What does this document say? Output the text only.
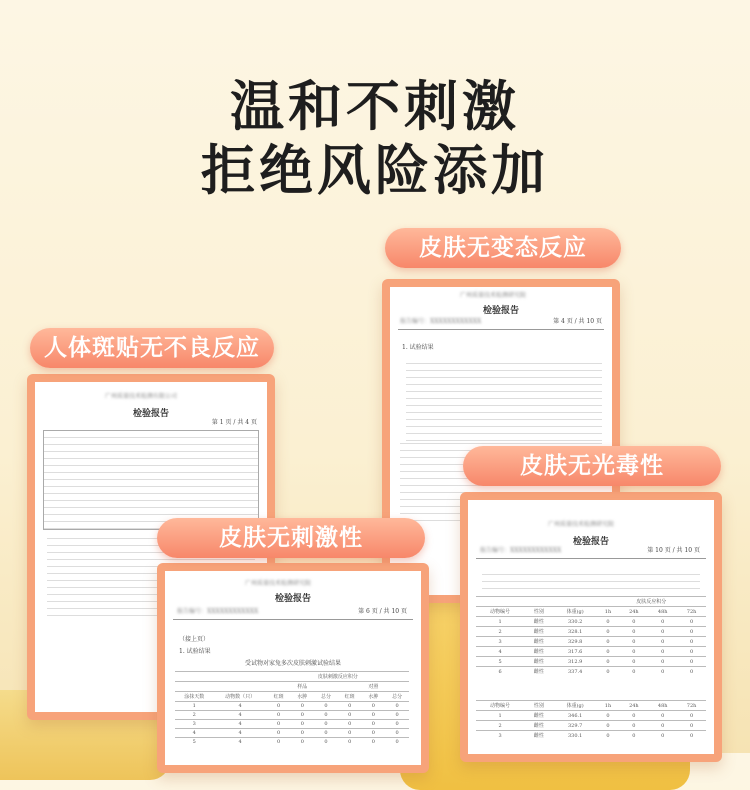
温和不刺激
拒绝风险添加
广州质量技术检测研究院
检验报告
第 4 页 / 共 10 页
报告编号：XXXXXXXXXXXX
1. 试验结果
皮肤无变态反应
广州质量技术检测有限公司
检验报告
第 1 页 / 共 4 页
人体斑贴无不良反应
广州质量技术检测研究院
检验报告
第 6 页 / 共 10 页
报告编号：XXXXXXXXXXXX
（接上页）
1. 试验结果
受试物对家兔多次皮肤刺激试验结果
		皮肤刺激反应积分					
		样品			对照		
涂抹天数	动物数（只）	红斑	水肿	总分	红斑	水肿	总分
1	4	0	0	0	0	0	0
2	4	0	0	0	0	0	0
3	4	0	0	0	0	0	0
4	4	0	0	0	0	0	0
5	4	0	0	0	0	0	0
皮肤无刺激性
广州质量技术检测研究院
检验报告
第 10 页 / 共 10 页
报告编号：XXXXXXXXXXXX
			皮肤反应积分			
动物编号	性别	体重(g)	1h	24h	48h	72h
1	雌性	330.2	0	0	0	0
2	雌性	328.1	0	0	0	0
3	雌性	329.8	0	0	0	0
4	雌性	317.6	0	0	0	0
5	雌性	312.9	0	0	0	0
6	雌性	337.4	0	0	0	0
动物编号	性别	体重(g)	1h	24h	48h	72h
1	雌性	346.1	0	0	0	0
2	雌性	329.7	0	0	0	0
3	雌性	330.1	0	0	0	0
皮肤无光毒性
